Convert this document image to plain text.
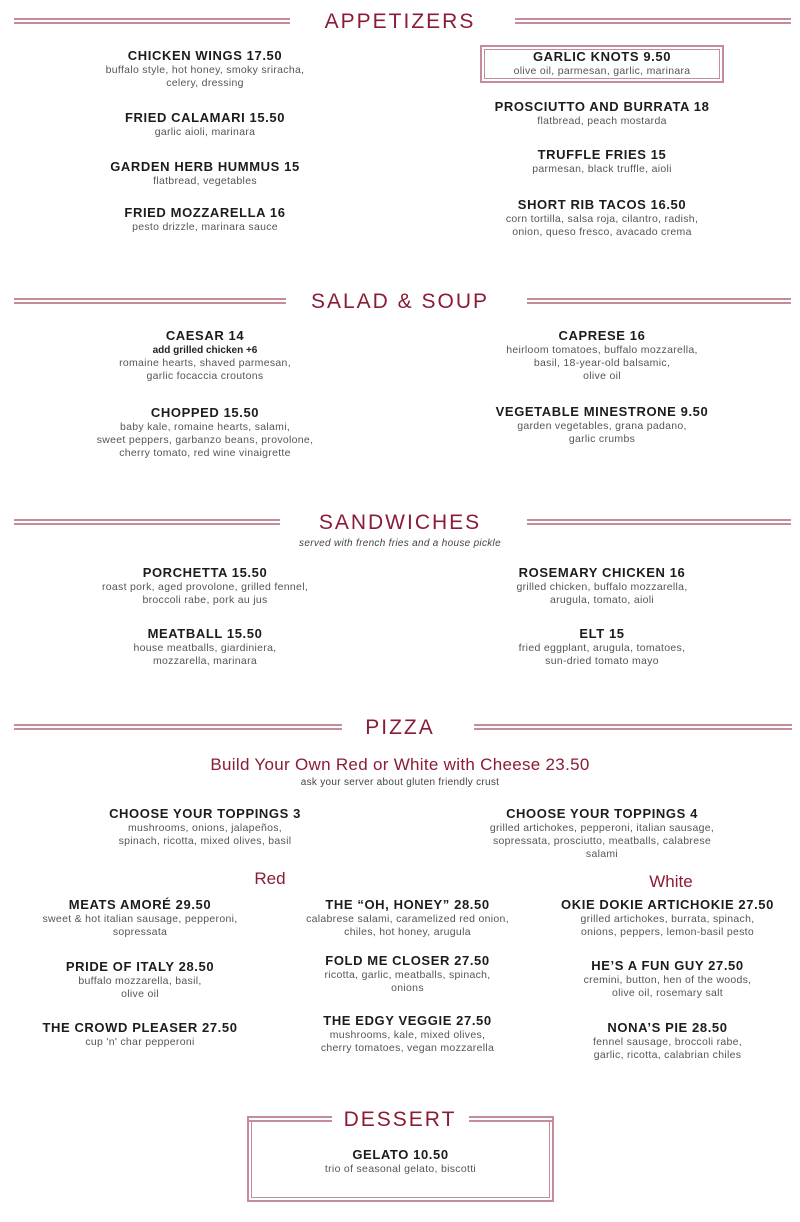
APPETIZERS
CHICKEN WINGS 17.50
buffalo style, hot honey, smoky sriracha,
celery, dressing
FRIED CALAMARI 15.50
garlic aioli, marinara
GARDEN HERB HUMMUS 15
flatbread, vegetables
FRIED MOZZARELLA 16
pesto drizzle, marinara sauce
GARLIC KNOTS 9.50
olive oil, parmesan, garlic, marinara
PROSCIUTTO AND BURRATA 18
flatbread, peach mostarda
TRUFFLE FRIES 15
parmesan, black truffle, aioli
SHORT RIB TACOS 16.50
corn tortilla, salsa roja, cilantro, radish,
onion, queso fresco, avacado crema
SALAD & SOUP
CAESAR 14
add grilled chicken +6
romaine hearts, shaved parmesan,
garlic focaccia croutons
CHOPPED 15.50
baby kale, romaine hearts, salami,
sweet peppers, garbanzo beans, provolone,
cherry tomato, red wine vinaigrette
CAPRESE 16
heirloom tomatoes, buffalo mozzarella,
basil, 18-year-old balsamic,
olive oil
VEGETABLE MINESTRONE 9.50
garden vegetables, grana padano,
garlic crumbs
SANDWICHES
served with french fries and a house pickle
PORCHETTA 15.50
roast pork, aged provolone, grilled fennel,
broccoli rabe, pork au jus
MEATBALL 15.50
house meatballs, giardiniera,
mozzarella, marinara
ROSEMARY CHICKEN 16
grilled chicken, buffalo mozzarella,
arugula, tomato, aioli
ELT 15
fried eggplant, arugula, tomatoes,
sun-dried tomato mayo
PIZZA
Build Your Own Red or White with Cheese 23.50
ask your server about gluten friendly crust
CHOOSE YOUR TOPPINGS 3
mushrooms, onions, jalapeños,
spinach, ricotta, mixed olives, basil
CHOOSE YOUR TOPPINGS 4
grilled artichokes, pepperoni, italian sausage,
sopressata, prosciutto, meatballs, calabrese
salami
Red	White
MEATS AMORÉ 29.50
sweet & hot italian sausage, pepperoni,
sopressata
PRIDE OF ITALY 28.50
buffalo mozzarella, basil,
olive oil
THE CROWD PLEASER 27.50
cup 'n' char pepperoni
THE “OH, HONEY” 28.50
calabrese salami, caramelized red onion,
chiles, hot honey, arugula
FOLD ME CLOSER 27.50
ricotta, garlic, meatballs, spinach,
onions
THE EDGY VEGGIE 27.50
mushrooms, kale, mixed olives,
cherry tomatoes, vegan mozzarella
OKIE DOKIE ARTICHOKIE 27.50
grilled artichokes, burrata, spinach,
onions, peppers, lemon-basil pesto
HE’S A FUN GUY 27.50
cremini, button, hen of the woods,
olive oil, rosemary salt
NONA’S PIE 28.50
fennel sausage, broccoli rabe,
garlic, ricotta, calabrian chiles
DESSERT
GELATO 10.50
trio of seasonal gelato, biscotti
